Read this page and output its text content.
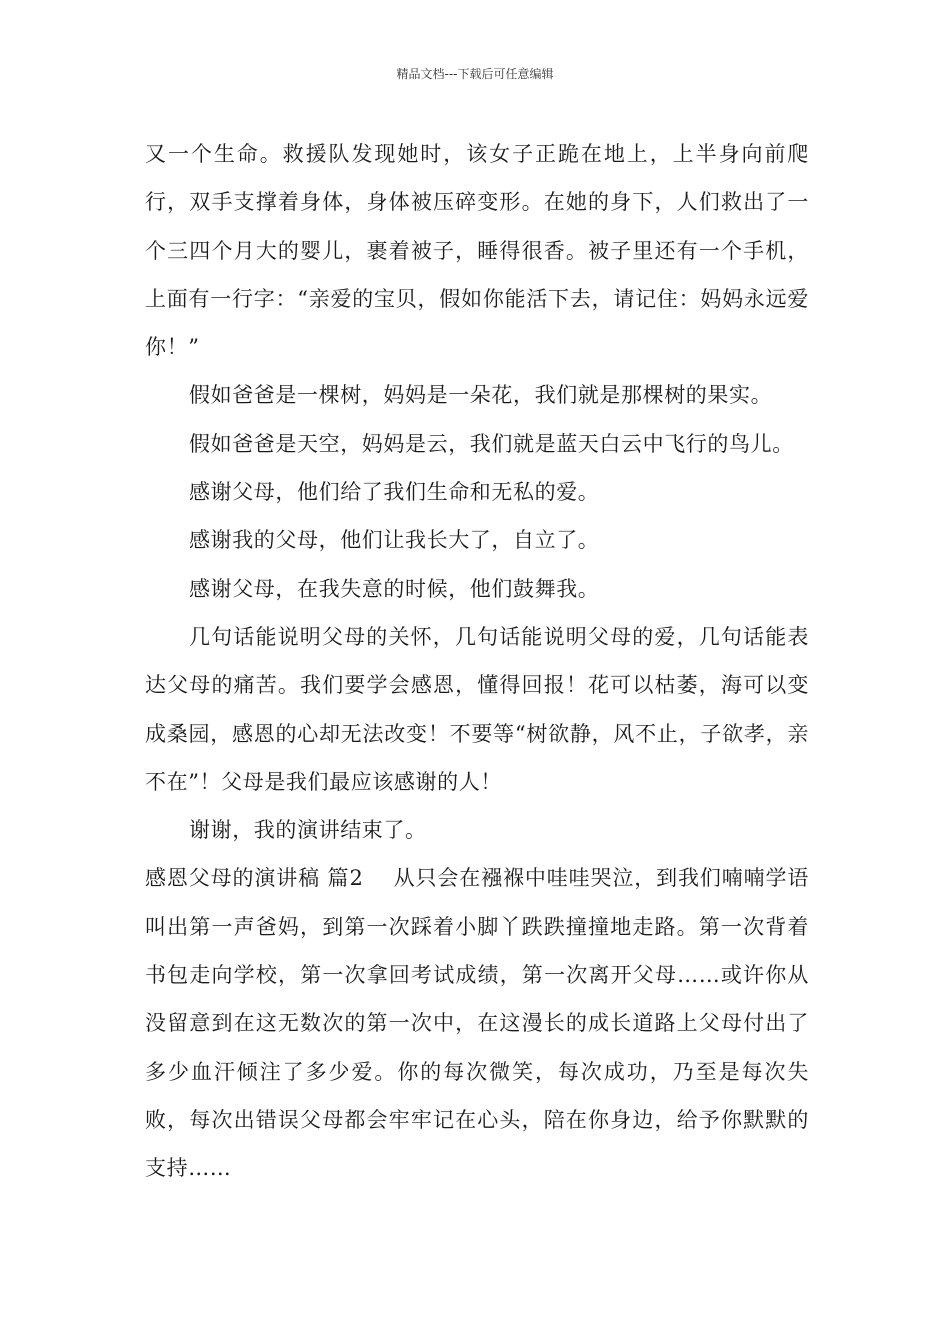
精品文档---下载后可任意编辑

又一个生命。救援队发现她时，该女子正跪在地上，上半身向前爬行，双手支撑着身体，身体被压碎变形。在她的身下，人们救出了一个三四个月大的婴儿，裹着被子，睡得很香。被子里还有一个手机，上面有一行字：“亲爱的宝贝，假如你能活下去，请记住：妈妈永远爱你！”

假如爸爸是一棵树，妈妈是一朵花，我们就是那棵树的果实。

假如爸爸是天空，妈妈是云，我们就是蓝天白云中飞行的鸟儿。

感谢父母，他们给了我们生命和无私的爱。

感谢我的父母，他们让我长大了，自立了。

感谢父母，在我失意的时候，他们鼓舞我。

几句话能说明父母的关怀，几句话能说明父母的爱，几句话能表达父母的痛苦。我们要学会感恩，懂得回报！花可以枯萎，海可以变成桑园，感恩的心却无法改变！不要等“树欲静，风不止，子欲孝，亲不在”！父母是我们最应该感谢的人！

谢谢，我的演讲结束了。

感恩父母的演讲稿 篇2 从只会在襁褓中哇哇哭泣，到我们喃喃学语叫出第一声爸妈，到第一次踩着小脚丫跌跌撞撞地走路。第一次背着书包走向学校，第一次拿回考试成绩，第一次离开父母……或许你从没留意到在这无数次的第一次中，在这漫长的成长道路上父母付出了多少血汗倾注了多少爱。你的每次微笑，每次成功，乃至是每次失败，每次出错误父母都会牢牢记在心头，陪在你身边，给予你默默的支持……
